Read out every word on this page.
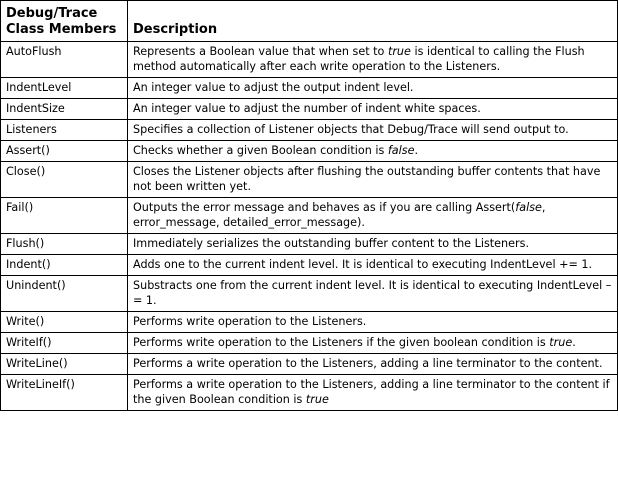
Debug/Trace
Class Members	Description
AutoFlush	Represents a Boolean value that when set to true is identical to calling the Flush method automatically after each write operation to the Listeners.
IndentLevel	An integer value to adjust the output indent level.
IndentSize	An integer value to adjust the number of indent white spaces.
Listeners	Specifies a collection of Listener objects that Debug/Trace will send output to.
Assert()	Checks whether a given Boolean condition is false.
Close()	Closes the Listener objects after flushing the outstanding buffer contents that have not been written yet.
Fail()	Outputs the error message and behaves as if you are calling Assert(false, error_message, detailed_error_message).
Flush()	Immediately serializes the outstanding buffer content to the Listeners.
Indent()	Adds one to the current indent level. It is identical to executing IndentLevel += 1.
Unindent()	Substracts one from the current indent level. It is identical to executing IndentLevel –= 1.
Write()	Performs write operation to the Listeners.
WriteIf()	Performs write operation to the Listeners if the given boolean condition is true.
WriteLine()	Performs a write operation to the Listeners, adding a line terminator to the content.
WriteLineIf()	Performs a write operation to the Listeners, adding a line terminator to the content if the given Boolean condition is true
